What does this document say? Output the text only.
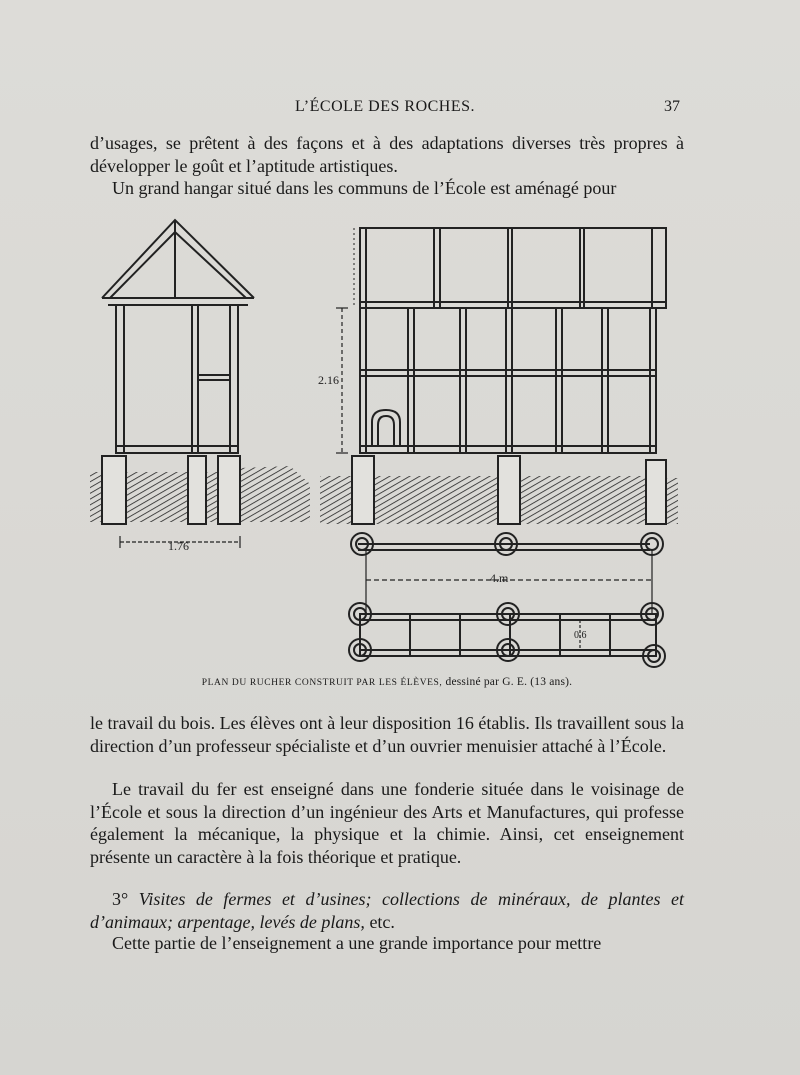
L’ÉCOLE DES ROCHES.	37

d’usages, se prêtent à des façons et à des adaptations diverses très propres à développer le goût et l’aptitude artistiques.
Un grand hangar situé dans les communs de l’École est aménagé pour

2.16
1.76
4.m
0.6
PLAN DU RUCHER CONSTRUIT PAR LES ÉLÈVES, dessiné par G. E. (13 ans).

le travail du bois. Les élèves ont à leur disposition 16 établis. Ils travaillent sous la direction d’un professeur spécialiste et d’un ouvrier menuisier attaché à l’École.

Le travail du fer est enseigné dans une fonderie située dans le voisinage de l’École et sous la direction d’un ingénieur des Arts et Manufactures, qui professe également la mécanique, la physique et la chimie. Ainsi, cet enseignement présente un caractère à la fois théorique et pratique.

3° Visites de fermes et d’usines; collections de minéraux, de plantes et d’animaux; arpentage, levés de plans, etc.

Cette partie de l’enseignement a une grande importance pour mettre
